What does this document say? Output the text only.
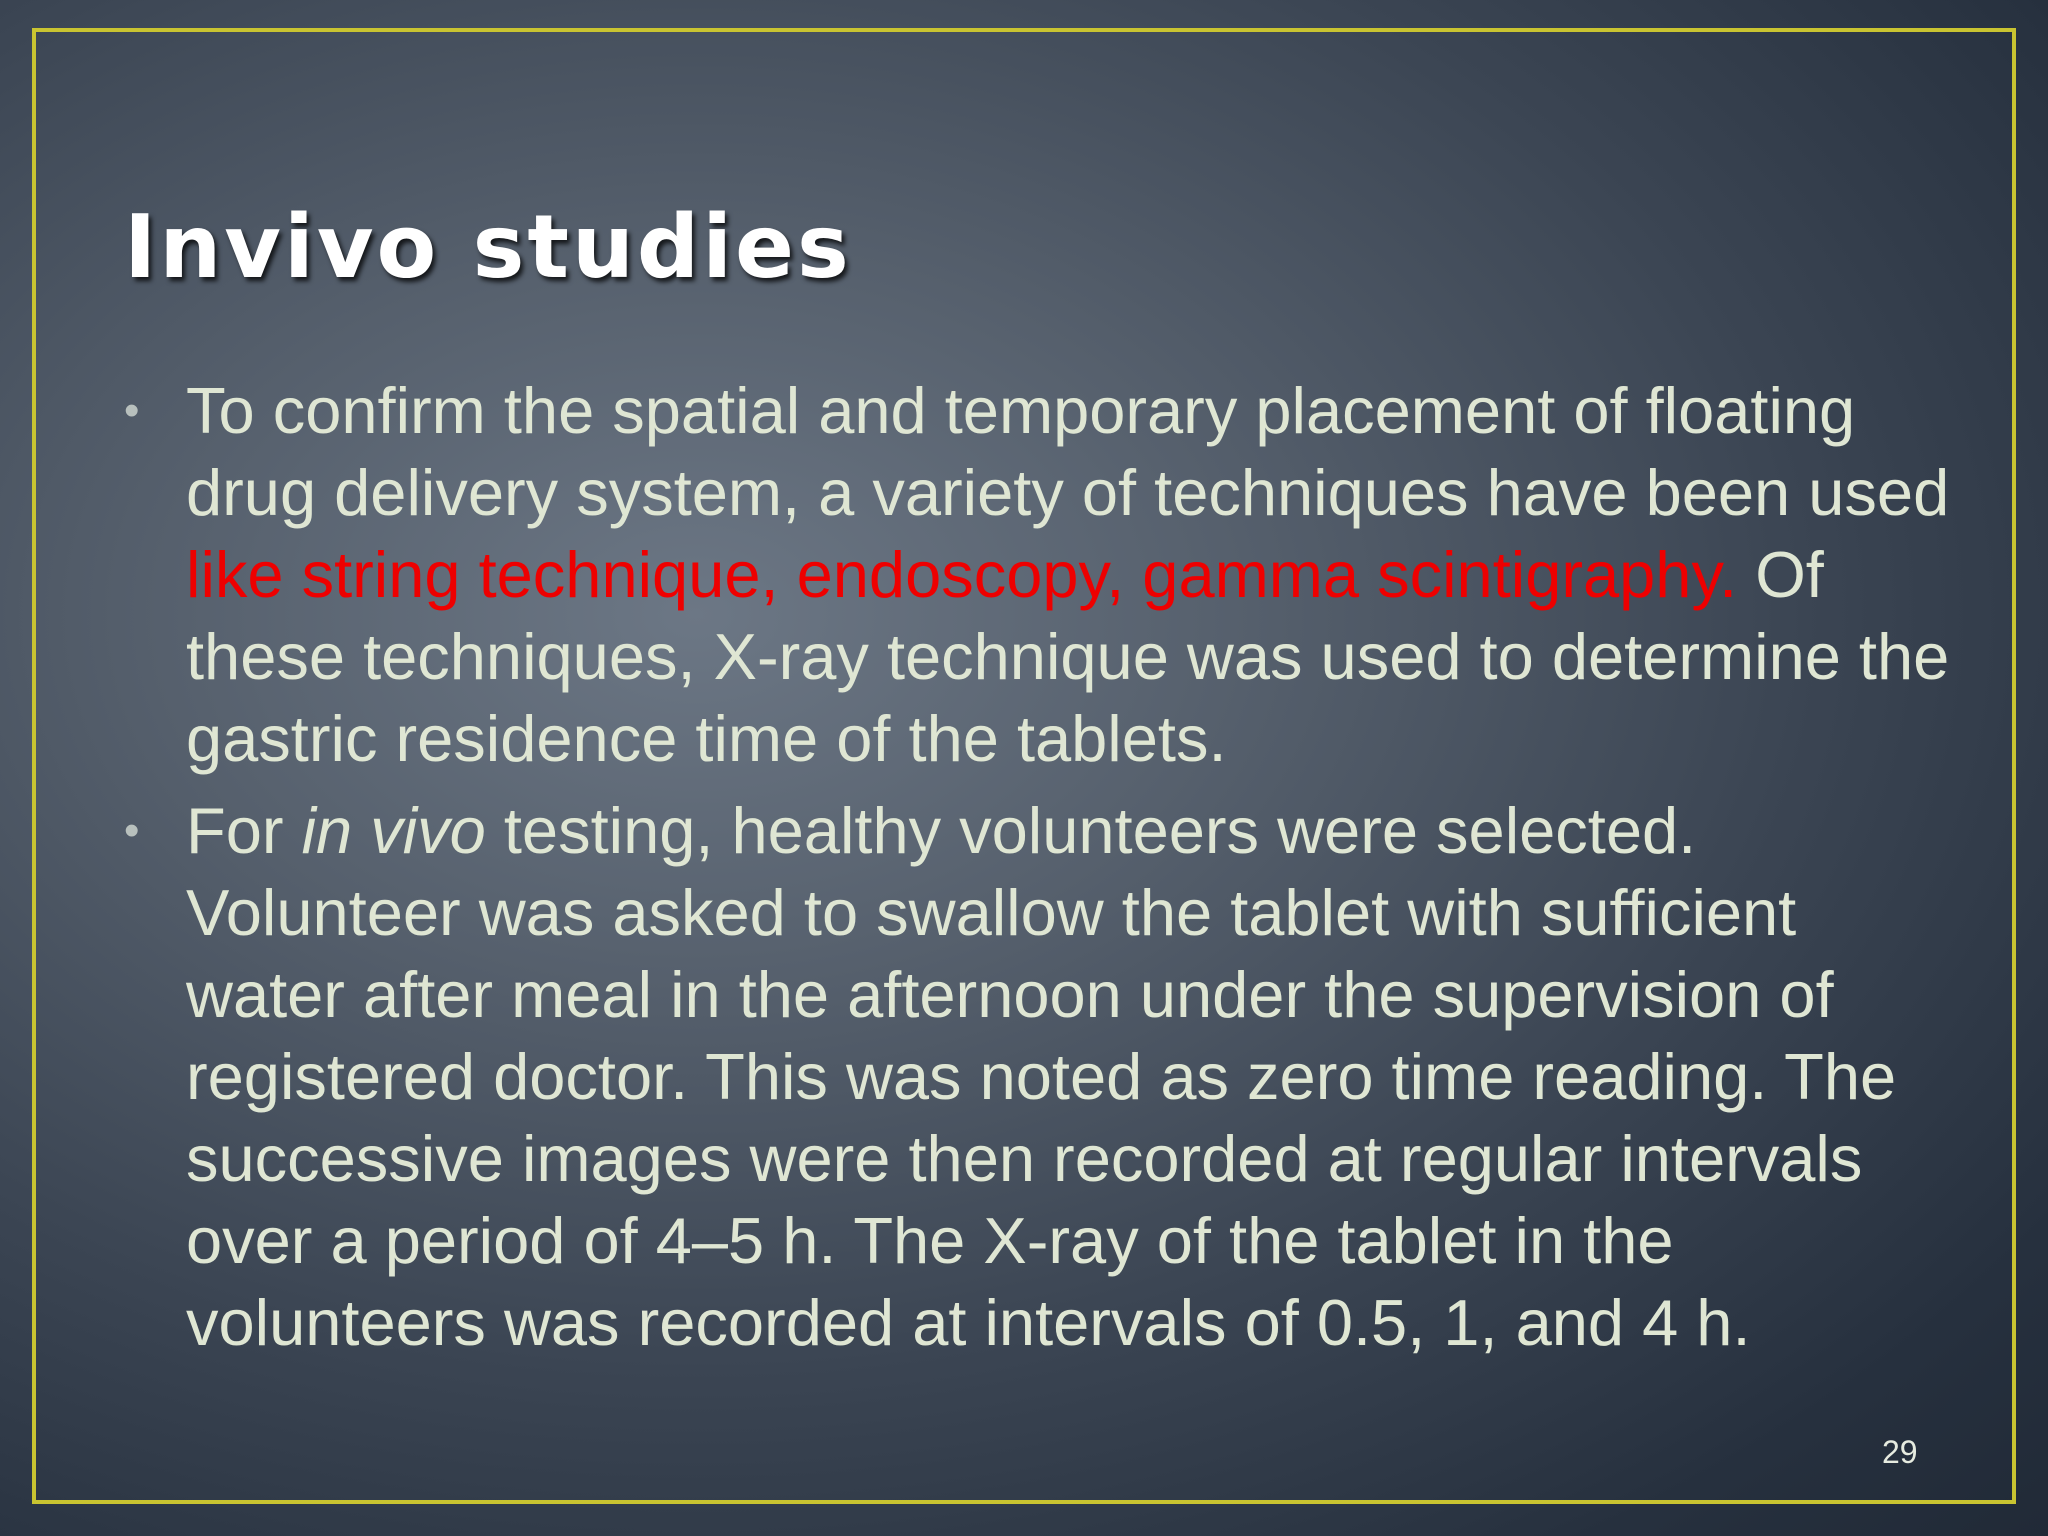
Invivo studies
• To confirm the spatial and temporary placement of floating drug delivery system, a variety of techniques have been used like string technique, endoscopy, gamma scintigraphy. Of these techniques, X-ray technique was used to determine the gastric residence time of the tablets.
• For in vivo testing, healthy volunteers were selected. Volunteer was asked to swallow the tablet with sufficient water after meal in the afternoon under the supervision of registered doctor. This was noted as zero time reading. The successive images were then recorded at regular intervals over a period of 4–5 h. The X-ray of the tablet in the volunteers was recorded at intervals of 0.5, 1, and 4 h.
29
